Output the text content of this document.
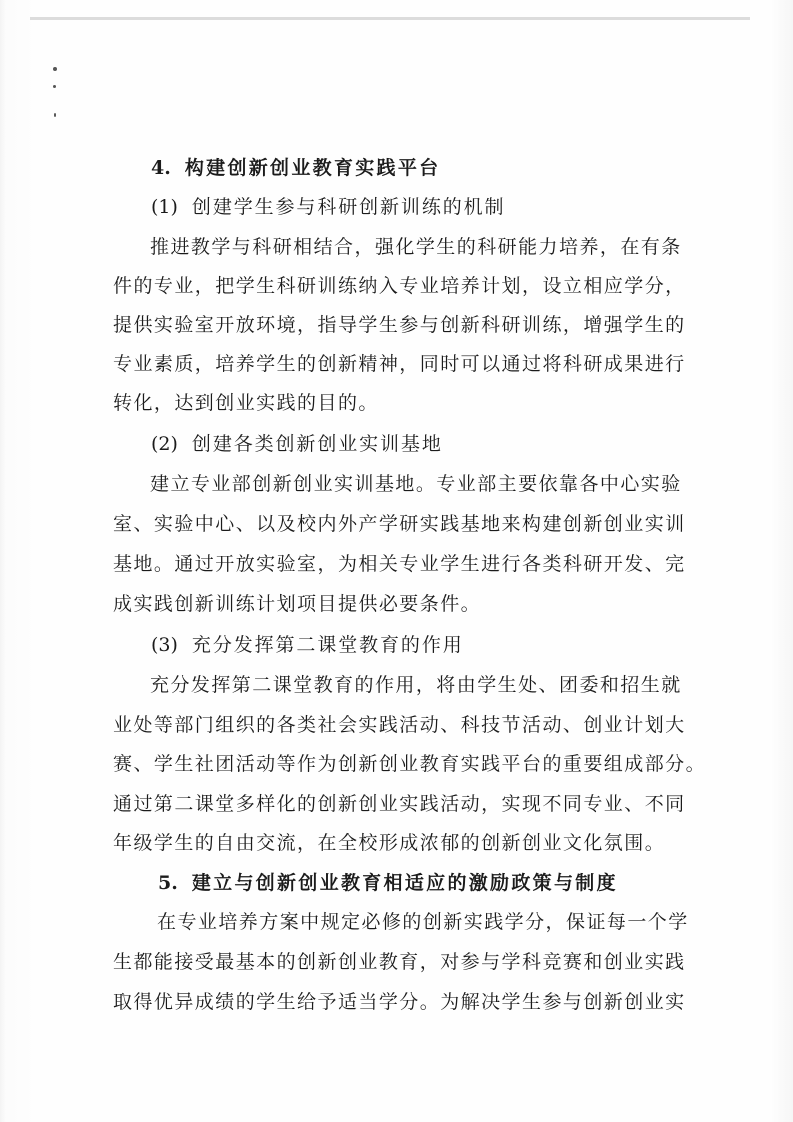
4. 构建创新创业教育实践平台
(1) 创建学生参与科研创新训练的机制
推进教学与科研相结合，强化学生的科研能力培养，在有条
件的专业，把学生科研训练纳入专业培养计划，设立相应学分，
提供实验室开放环境，指导学生参与创新科研训练，增强学生的
专业素质，培养学生的创新精神，同时可以通过将科研成果进行
转化，达到创业实践的目的。
(2) 创建各类创新创业实训基地
建立专业部创新创业实训基地。专业部主要依靠各中心实验
室、实验中心、以及校内外产学研实践基地来构建创新创业实训
基地。通过开放实验室，为相关专业学生进行各类科研开发、完
成实践创新训练计划项目提供必要条件。
(3) 充分发挥第二课堂教育的作用
充分发挥第二课堂教育的作用，将由学生处、团委和招生就
业处等部门组织的各类社会实践活动、科技节活动、创业计划大
赛、学生社团活动等作为创新创业教育实践平台的重要组成部分。
通过第二课堂多样化的创新创业实践活动，实现不同专业、不同
年级学生的自由交流，在全校形成浓郁的创新创业文化氛围。
5. 建立与创新创业教育相适应的激励政策与制度
在专业培养方案中规定必修的创新实践学分，保证每一个学
生都能接受最基本的创新创业教育，对参与学科竞赛和创业实践
取得优异成绩的学生给予适当学分。为解决学生参与创新创业实
